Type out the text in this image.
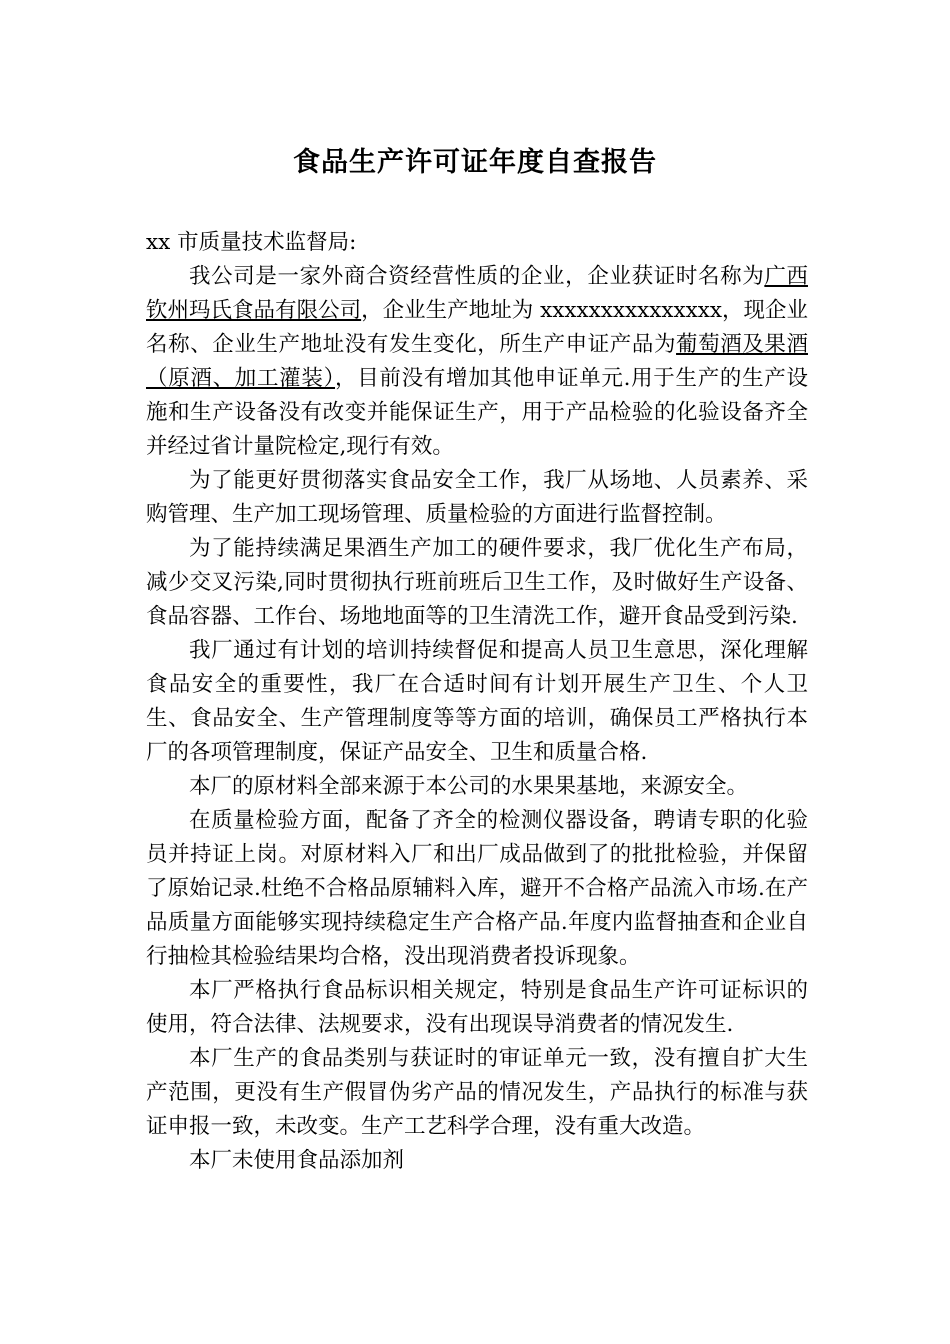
食品生产许可证年度自查报告

xx 市质量技术监督局:

我公司是一家外商合资经营性质的企业，企业获证时名称为广西钦州玛氏食品有限公司，企业生产地址为 xxxxxxxxxxxxxxx，现企业名称、企业生产地址没有发生变化，所生产申证产品为葡萄酒及果酒（原酒、加工灌装），目前没有增加其他申证单元.用于生产的生产设施和生产设备没有改变并能保证生产，用于产品检验的化验设备齐全并经过省计量院检定,现行有效。

为了能更好贯彻落实食品安全工作，我厂从场地、人员素养、采购管理、生产加工现场管理、质量检验的方面进行监督控制。

为了能持续满足果酒生产加工的硬件要求，我厂优化生产布局，减少交叉污染,同时贯彻执行班前班后卫生工作，及时做好生产设备、食品容器、工作台、场地地面等的卫生清洗工作，避开食品受到污染.

我厂通过有计划的培训持续督促和提高人员卫生意思，深化理解食品安全的重要性，我厂在合适时间有计划开展生产卫生、个人卫生、食品安全、生产管理制度等等方面的培训，确保员工严格执行本厂的各项管理制度，保证产品安全、卫生和质量合格.

本厂的原材料全部来源于本公司的水果果基地，来源安全。

在质量检验方面，配备了齐全的检测仪器设备，聘请专职的化验员并持证上岗。对原材料入厂和出厂成品做到了的批批检验，并保留了原始记录.杜绝不合格品原辅料入库，避开不合格产品流入市场.在产品质量方面能够实现持续稳定生产合格产品.年度内监督抽查和企业自行抽检其检验结果均合格，没出现消费者投诉现象。

本厂严格执行食品标识相关规定，特别是食品生产许可证标识的使用，符合法律、法规要求，没有出现误导消费者的情况发生.

本厂生产的食品类别与获证时的审证单元一致，没有擅自扩大生产范围，更没有生产假冒伪劣产品的情况发生，产品执行的标准与获证申报一致，未改变。生产工艺科学合理，没有重大改造。

本厂未使用食品添加剂
